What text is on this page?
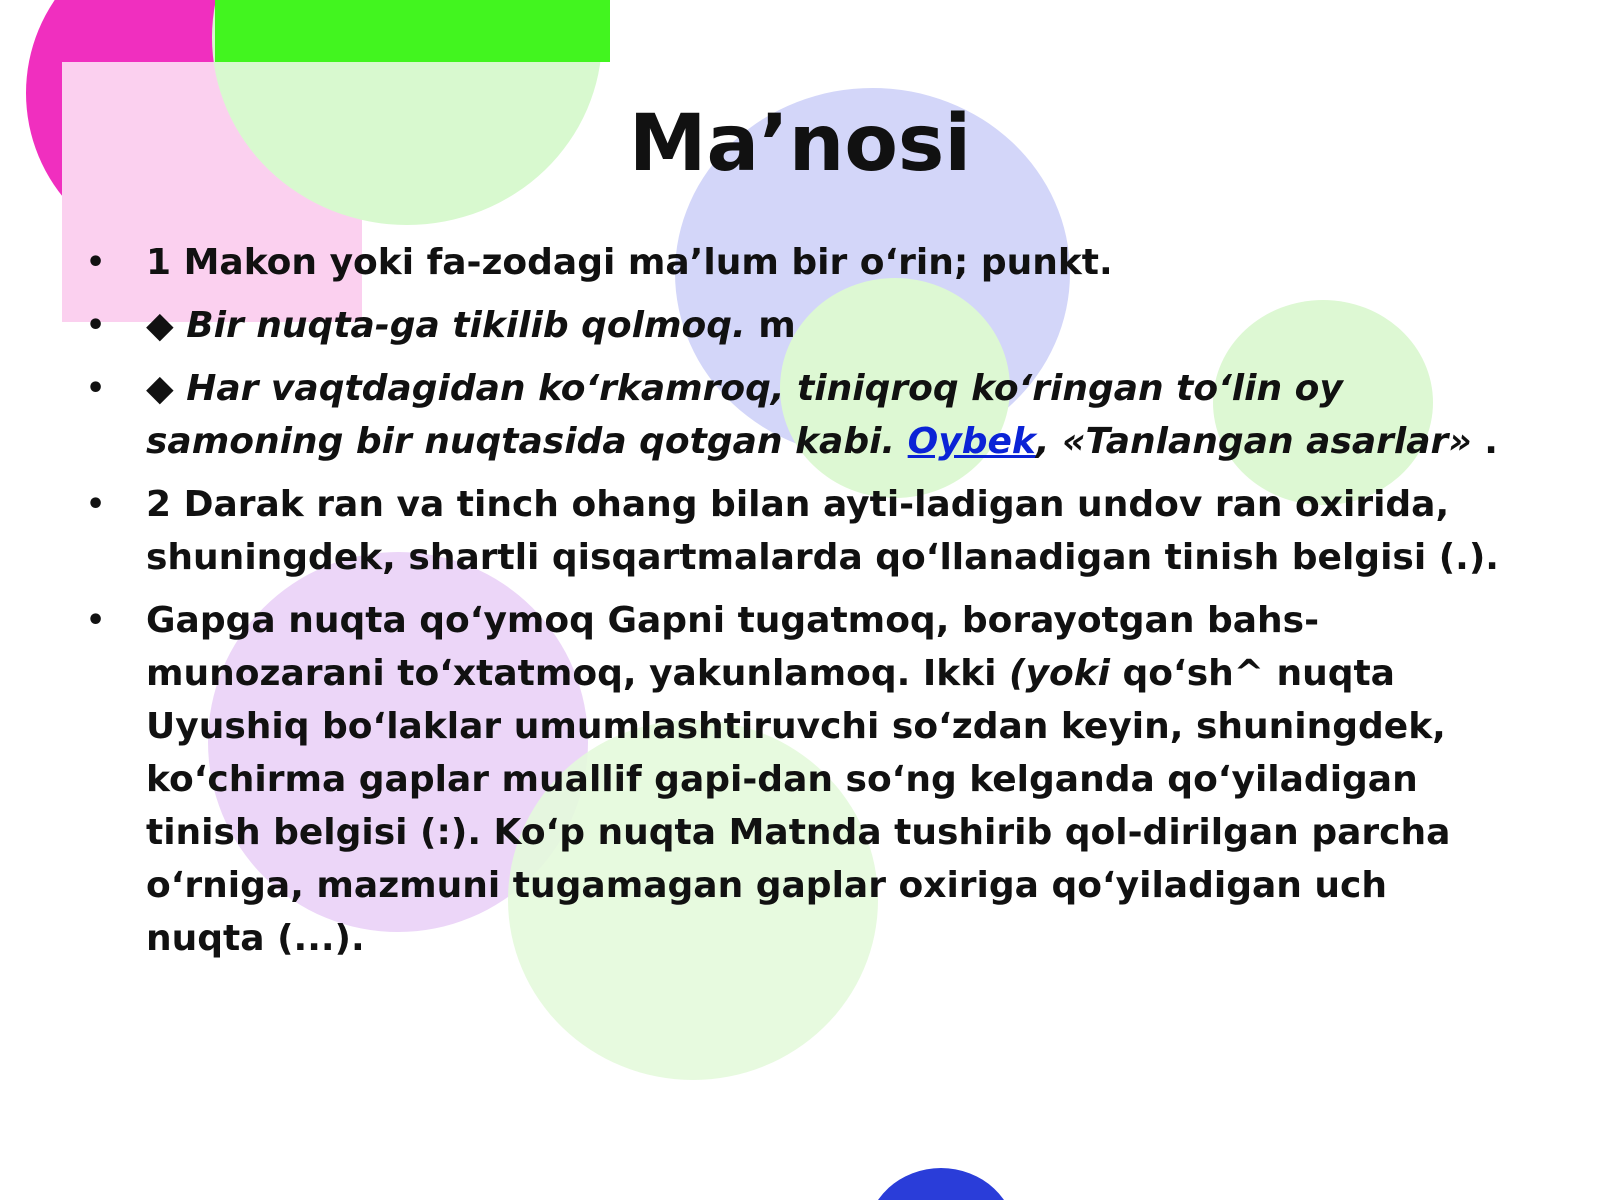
Ma’nosi
• 1 Makon yoki fa-zodagi ma’lum bir o‘rin; punkt.
• ◆ Bir nuqta-ga tikilib qolmoq. m
• ◆ Har vaqtdagidan ko‘rkamroq, tiniqroq ko‘ringan to‘lin oy samoning bir nuqtasida qotgan kabi. Oybek, «Tanlangan asarlar» .
• 2 Darak ran va tinch ohang bilan ayti-ladigan undov ran oxirida, shuningdek, shartli qisqartmalarda qo‘llanadigan tinish belgisi (.).
• Gapga nuqta qo‘ymoq Gapni tugatmoq, borayotgan bahs-munozarani to‘xtatmoq, yakunlamoq. Ikki (yoki qo‘sh^ nuqta Uyushiq bo‘laklar umumlashtiruvchi so‘zdan keyin, shuningdek, ko‘chirma gaplar muallif gapi-dan so‘ng kelganda qo‘yiladigan tinish belgisi (:). Ko‘p nuqta Matnda tushirib qol-dirilgan parcha o‘rniga, mazmuni tugamagan gaplar oxiriga qo‘yiladigan uch nuqta (...).
